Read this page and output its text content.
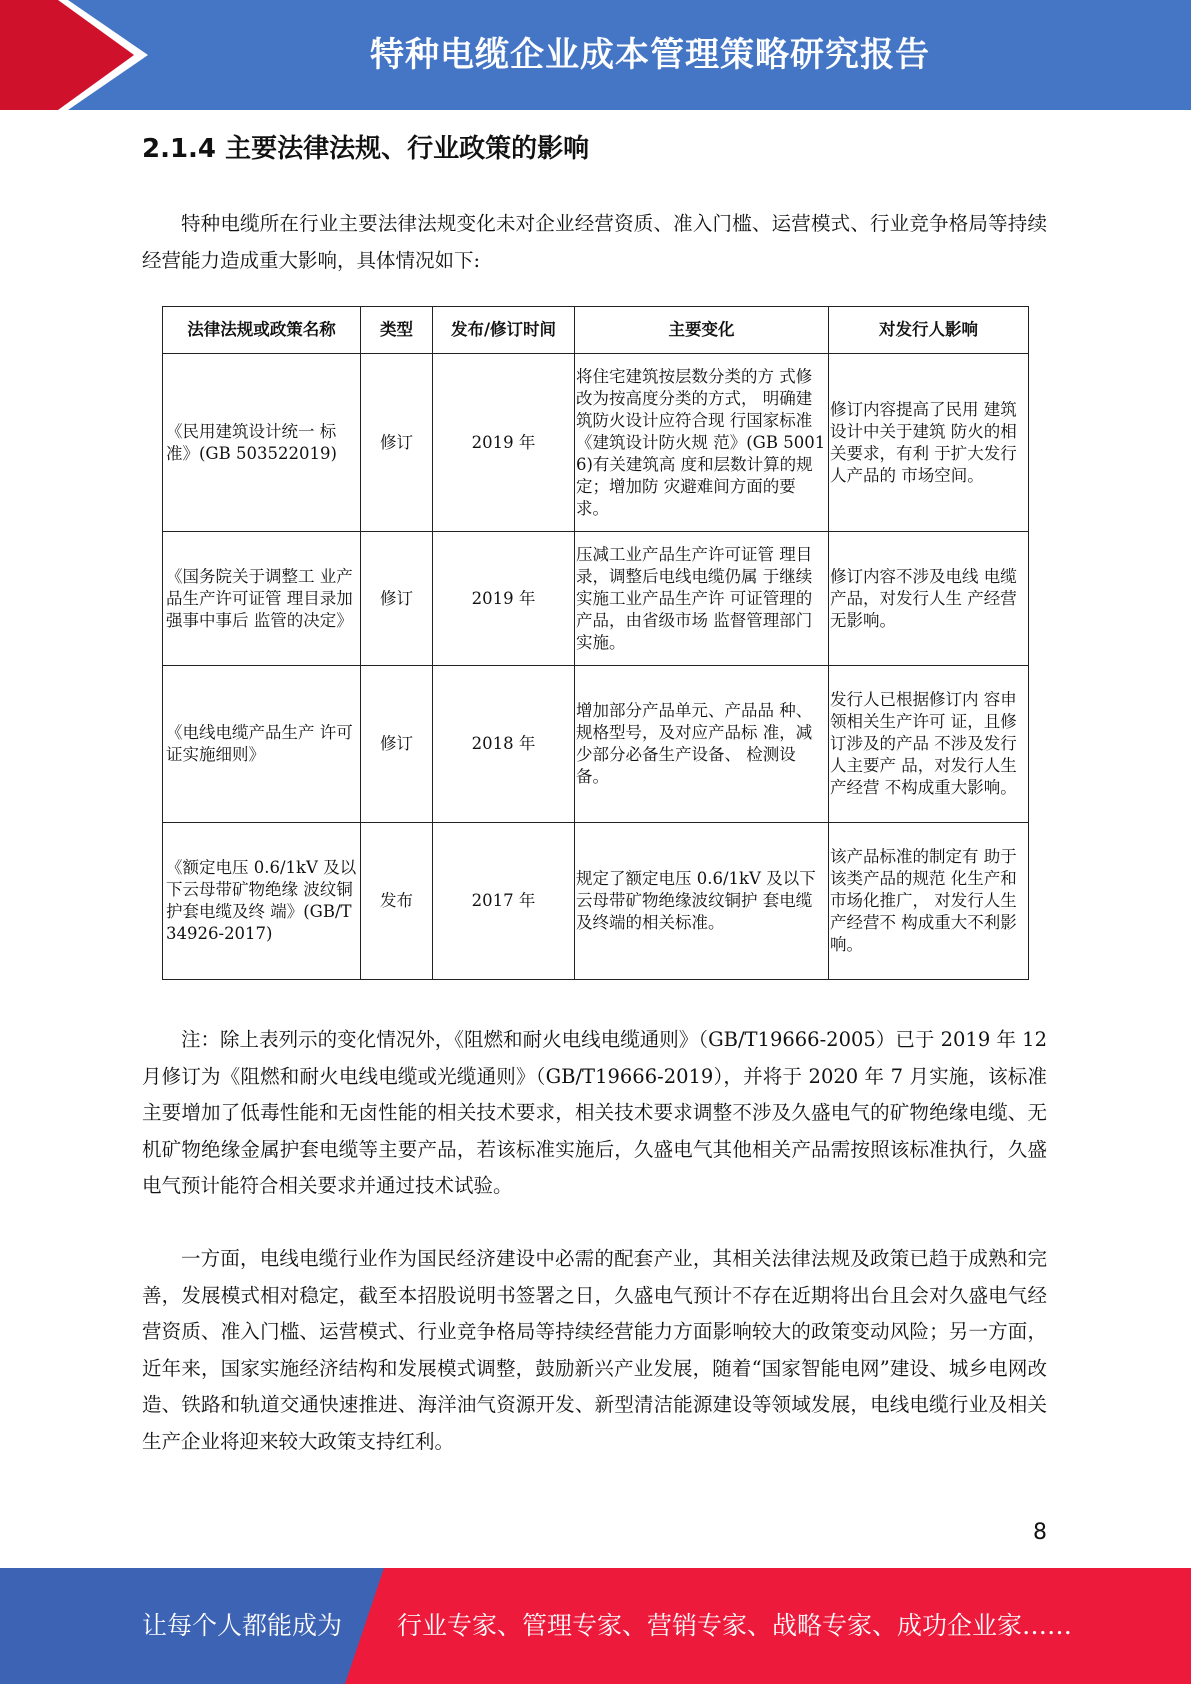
特种电缆企业成本管理策略研究报告
2.1.4 主要法律法规、行业政策的影响

特种电缆所在行业主要法律法规变化未对企业经营资质、准入门槛、运营模式、行业竞争格局等持续经营能力造成重大影响，具体情况如下:

法律法规或政策名称	类型	发布/修订时间	主要变化	对发行人影响
《民用建筑设计统一 标准》(GB 503522019)	修订	2019 年	将住宅建筑按层数分类的方 式修改为按高度分类的方式， 明确建筑防火设计应符合现 行国家标准《建筑设计防火规 范》(GB 50016)有关建筑高 度和层数计算的规定；增加防 灾避难间方面的要求。	修订内容提高了民用 建筑设计中关于建筑 防火的相关要求，有利 于扩大发行人产品的 市场空间。
《国务院关于调整工 业产品生产许可证管 理目录加强事中事后 监管的决定》	修订	2019 年	压减工业产品生产许可证管 理目录，调整后电线电缆仍属 于继续实施工业产品生产许 可证管理的产品，由省级市场 监督管理部门实施。	修订内容不涉及电线 电缆产品，对发行人生 产经营无影响。
《电线电缆产品生产 许可证实施细则》	修订	2018 年	增加部分产品单元、产品品 种、规格型号，及对应产品标 准，减少部分必备生产设备、 检测设备。	发行人已根据修订内 容申领相关生产许可 证，且修订涉及的产品 不涉及发行人主要产 品，对发行人生产经营 不构成重大影响。
《额定电压 0.6/1kV 及以下云母带矿物绝缘 波纹铜护套电缆及终 端》(GB/T 34926-2017)	发布	2017 年	规定了额定电压 0.6/1kV 及以下云母带矿物绝缘波纹铜护 套电缆及终端的相关标准。	该产品标准的制定有 助于该类产品的规范 化生产和市场化推广， 对发行人生产经营不 构成重大不利影响。

注：除上表列示的变化情况外，《阻燃和耐火电线电缆通则》（GB/T19666-2005）已于 2019 年 12 月修订为《阻燃和耐火电线电缆或光缆通则》（GB/T19666-2019），并将于 2020 年 7 月实施，该标准主要增加了低毒性能和无卤性能的相关技术要求，相关技术要求调整不涉及久盛电气的矿物绝缘电缆、无机矿物绝缘金属护套电缆等主要产品，若该标准实施后，久盛电气其他相关产品需按照该标准执行，久盛电气预计能符合相关要求并通过技术试验。

一方面，电线电缆行业作为国民经济建设中必需的配套产业，其相关法律法规及政策已趋于成熟和完善，发展模式相对稳定，截至本招股说明书签署之日，久盛电气预计不存在近期将出台且会对久盛电气经营资质、准入门槛、运营模式、行业竞争格局等持续经营能力方面影响较大的政策变动风险；另一方面，近年来，国家实施经济结构和发展模式调整，鼓励新兴产业发展，随着“国家智能电网”建设、城乡电网改造、铁路和轨道交通快速推进、海洋油气资源开发、新型清洁能源建设等领域发展，电线电缆行业及相关生产企业将迎来较大政策支持红利。

8
让每个人都能成为 行业专家、管理专家、营销专家、战略专家、成功企业家……
